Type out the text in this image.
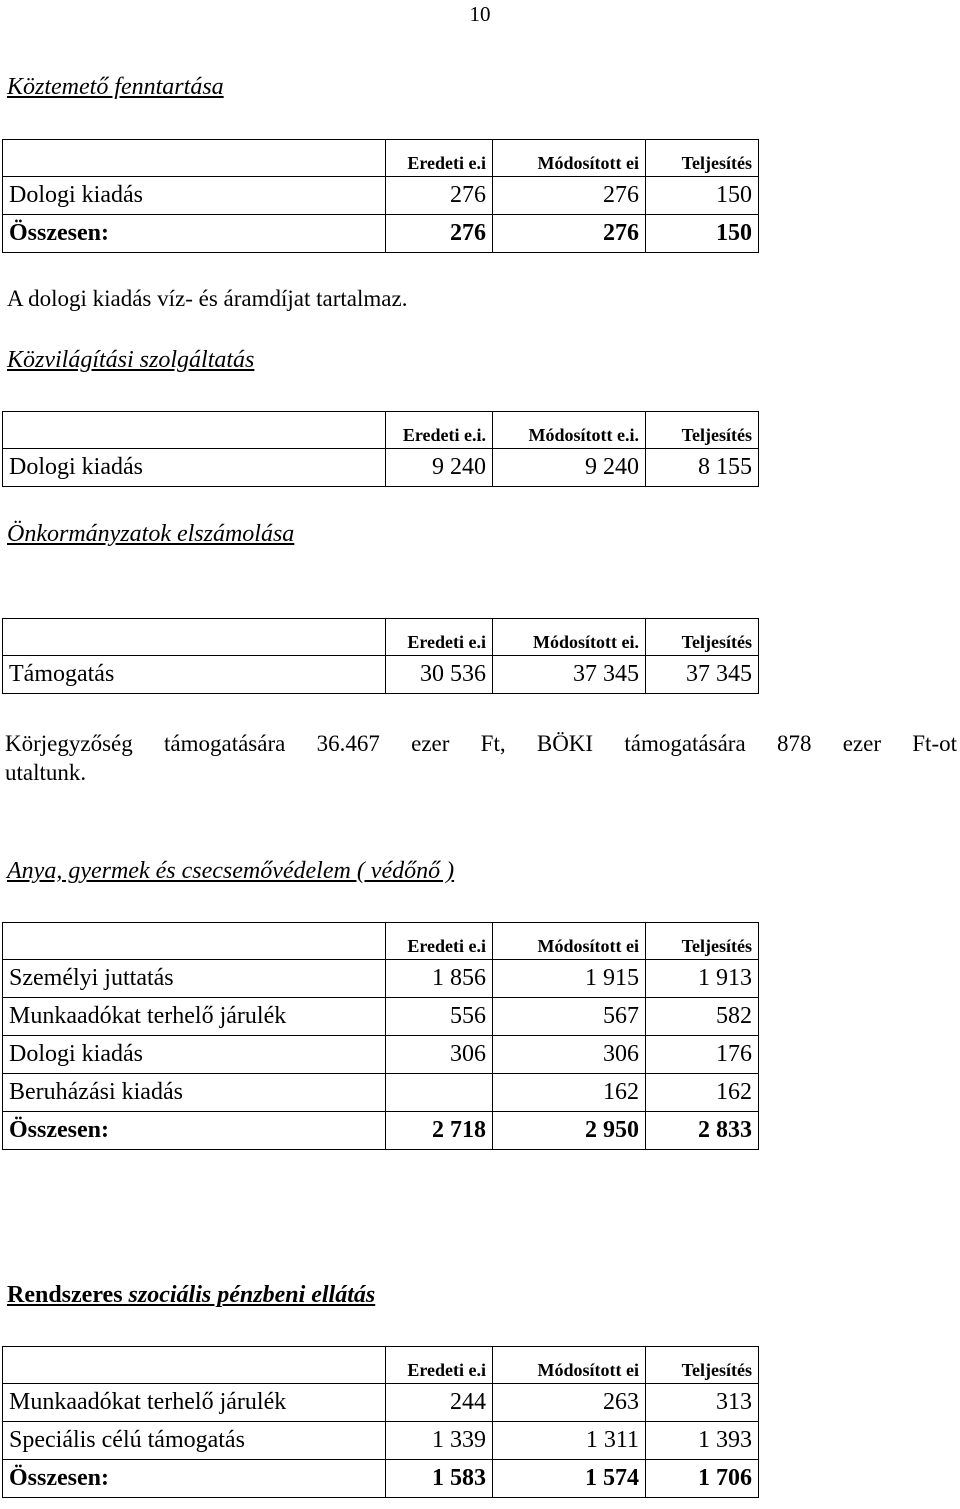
10
Köztemető fenntartása
	Eredeti e.i	Módosított ei	Teljesítés
Dologi kiadás	276	276	150
Összesen:	276	276	150
A dologi kiadás víz- és áramdíjat tartalmaz.
Közvilágítási szolgáltatás
	Eredeti e.i.	Módosított e.i.	Teljesítés
Dologi kiadás	9 240	9 240	8 155
Önkormányzatok elszámolása
	Eredeti e.i	Módosított ei.	Teljesítés
Támogatás	30 536	37 345	37 345
Körjegyzőség támogatására 36.467 ezer Ft, BÖKI támogatására 878 ezer Ft-ot
utaltunk.
Anya, gyermek és csecsemővédelem ( védőnő )
	Eredeti e.i	Módosított ei	Teljesítés
Személyi juttatás	1 856	1 915	1 913
Munkaadókat terhelő járulék	556	567	582
Dologi kiadás	306	306	176
Beruházási kiadás		162	162
Összesen:	2 718	2 950	2 833
Rendszeres szociális pénzbeni ellátás
	Eredeti e.i	Módosított ei	Teljesítés
Munkaadókat terhelő járulék	244	263	313
Speciális célú támogatás	1 339	1 311	1 393
Összesen:	1 583	1 574	1 706
